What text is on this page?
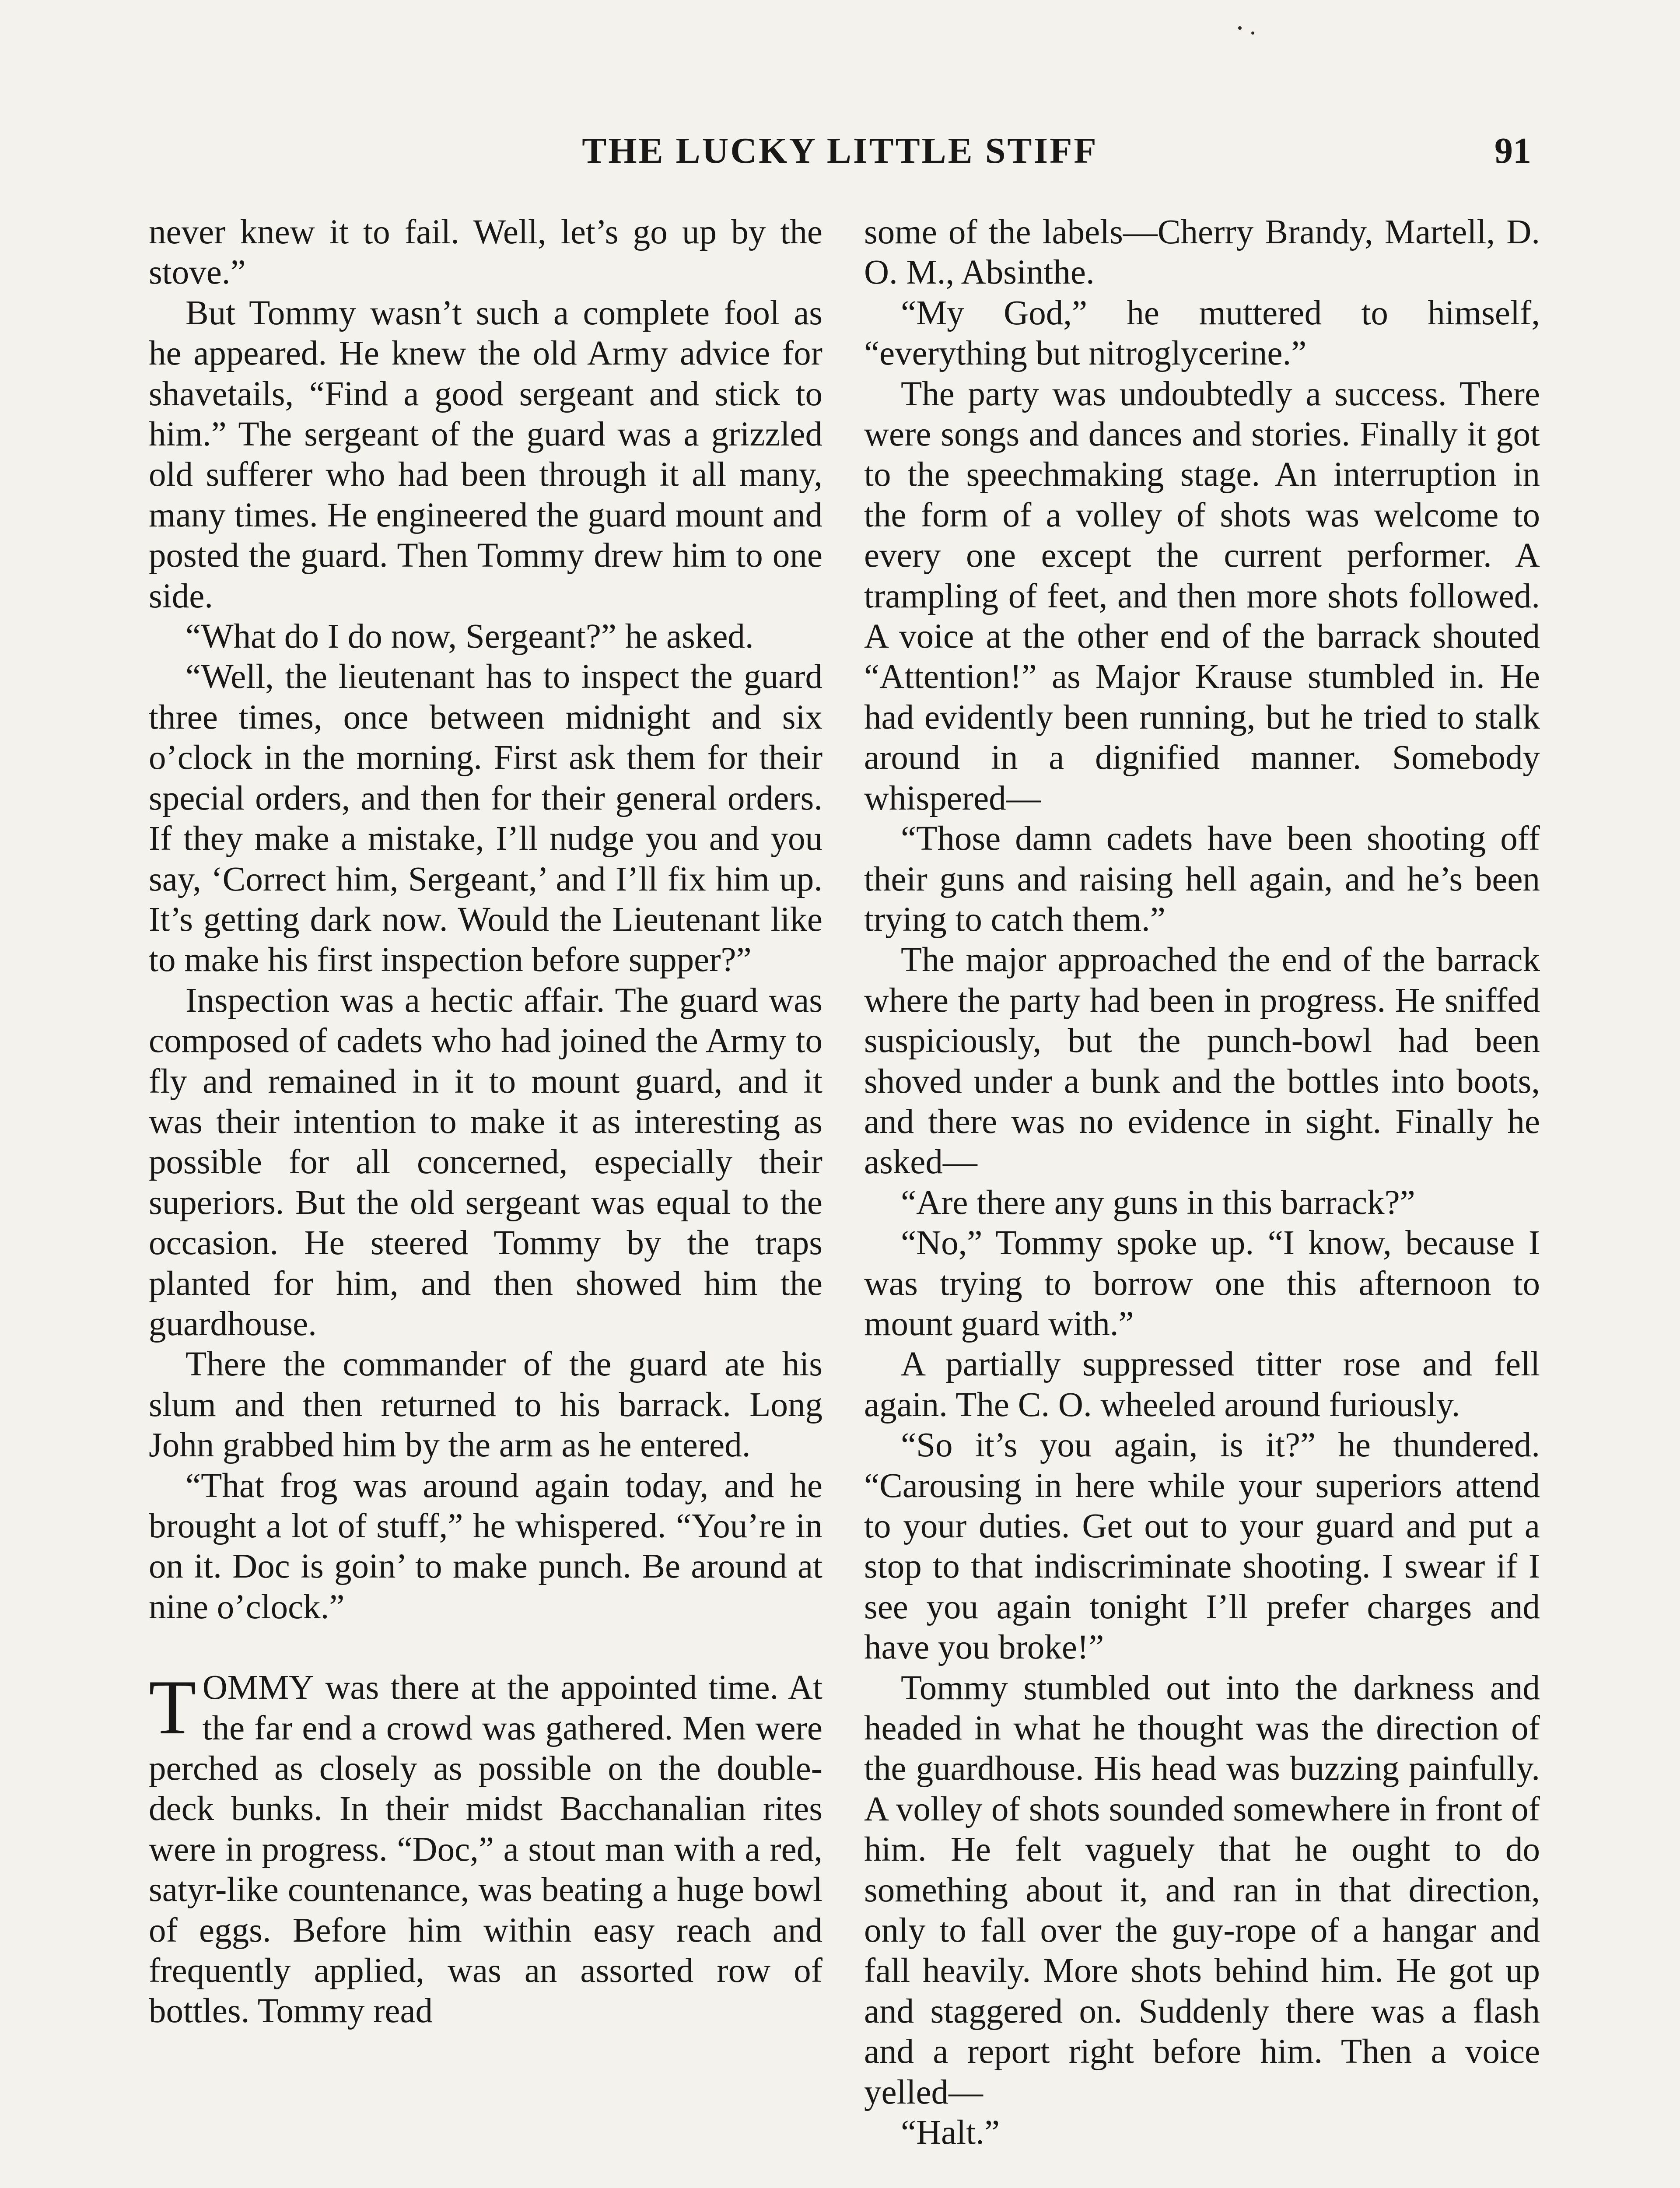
THE LUCKY LITTLE STIFF	91

never knew it to fail. Well, let’s go up by the stove.”

But Tommy wasn’t such a complete fool as he appeared. He knew the old Army advice for shavetails, “Find a good sergeant and stick to him.” The sergeant of the guard was a grizzled old sufferer who had been through it all many, many times. He engineered the guard mount and posted the guard. Then Tommy drew him to one side.

“What do I do now, Sergeant?” he asked.

“Well, the lieutenant has to inspect the guard three times, once between midnight and six o’clock in the morning. First ask them for their special orders, and then for their general orders. If they make a mistake, I’ll nudge you and you say, ‘Correct him, Sergeant,’ and I’ll fix him up. It’s getting dark now. Would the Lieutenant like to make his first inspection before supper?”

Inspection was a hectic affair. The guard was composed of cadets who had joined the Army to fly and remained in it to mount guard, and it was their intention to make it as interesting as possible for all concerned, especially their superiors. But the old sergeant was equal to the occasion. He steered Tommy by the traps planted for him, and then showed him the guardhouse.

There the commander of the guard ate his slum and then returned to his barrack. Long John grabbed him by the arm as he entered.

“That frog was around again today, and he brought a lot of stuff,” he whispered. “You’re in on it. Doc is goin’ to make punch. Be around at nine o’clock.”

TOMMY was there at the appointed time. At the far end a crowd was gathered. Men were perched as closely as possible on the double-deck bunks. In their midst Bacchanalian rites were in progress. “Doc,” a stout man with a red, satyr-like countenance, was beating a huge bowl of eggs. Before him within easy reach and frequently applied, was an assorted row of bottles. Tommy read

some of the labels—Cherry Brandy, Martell, D. O. M., Absinthe.

“My God,” he muttered to himself, “everything but nitroglycerine.”

The party was undoubtedly a success. There were songs and dances and stories. Finally it got to the speechmaking stage. An interruption in the form of a volley of shots was welcome to every one except the current performer. A trampling of feet, and then more shots followed. A voice at the other end of the barrack shouted “Attention!” as Major Krause stumbled in. He had evidently been running, but he tried to stalk around in a dignified manner. Somebody whispered—

“Those damn cadets have been shooting off their guns and raising hell again, and he’s been trying to catch them.”

The major approached the end of the barrack where the party had been in progress. He sniffed suspiciously, but the punch-bowl had been shoved under a bunk and the bottles into boots, and there was no evidence in sight. Finally he asked—

“Are there any guns in this barrack?”

“No,” Tommy spoke up. “I know, because I was trying to borrow one this afternoon to mount guard with.”

A partially suppressed titter rose and fell again. The C. O. wheeled around furiously.

“So it’s you again, is it?” he thundered. “Carousing in here while your superiors attend to your duties. Get out to your guard and put a stop to that indiscriminate shooting. I swear if I see you again tonight I’ll prefer charges and have you broke!”

Tommy stumbled out into the darkness and headed in what he thought was the direction of the guardhouse. His head was buzzing painfully. A volley of shots sounded somewhere in front of him. He felt vaguely that he ought to do something about it, and ran in that direction, only to fall over the guy-rope of a hangar and fall heavily. More shots behind him. He got up and staggered on. Suddenly there was a flash and a report right before him. Then a voice yelled—

“Halt.”
